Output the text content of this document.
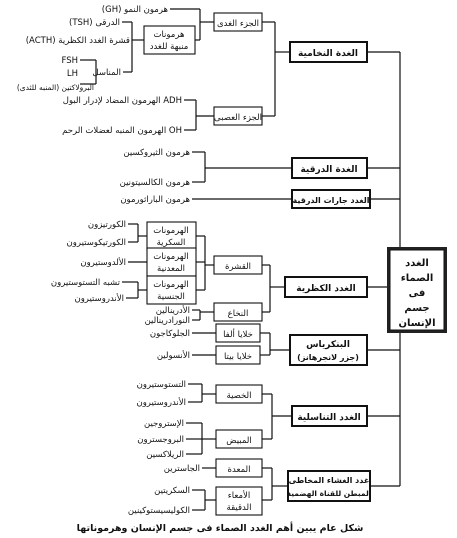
الغدد
الصماء
فى
جسم
الإنسان
الغدة النخامية
الغدة الدرقية
الغدد جارات الدرقية
الغدد الكظرية
البنكرياس
(جزر لانجرهانز)
الغدد التناسلية
غدد الغشاء المخاطى
المبطن للقناة الهضمية
الجزء الغدى
هرمونات
منبهة للغدد
الجزء العصبى
القشرة
النخاع
الهرمونات
السكرية
الهرمونات
المعدنية
الهرمونات
الجنسية
خلايا ألفا
خلايا بيتا
الخصية
المبيض
المعدة
الأمعاء
الدقيقة
(GH) هرمون النمو
(TSH) الدرقى
(ACTH) قشرة الغدد الكظرية
FSH
المناسل
LH
البرولاكتين (المنبه للثدى)
الهرمون المضاد لإدرار البول ADH
الهرمون المنبه لعضلات الرحم OH
هرمون الثيروكسين
هرمون الكالسيتونين
هرمون الباراثورمون
الكورتيزون
الكورتيكوستيرون
الألدوستيرون
تشبه التستوستيرون
الأندروستيرون
الأدرينالين
النورادرينالين
الجلوكاجون
الأنسولين
التستوستيرون
الأندروستيرون
الإستروجين
البروجسترون
الريلاكسين
الجاسترين
السكريتين
الكوليسيستوكينين
شكل عام يبين أهم الغدد الصماء فى جسم الإنسان وهرموناتها
